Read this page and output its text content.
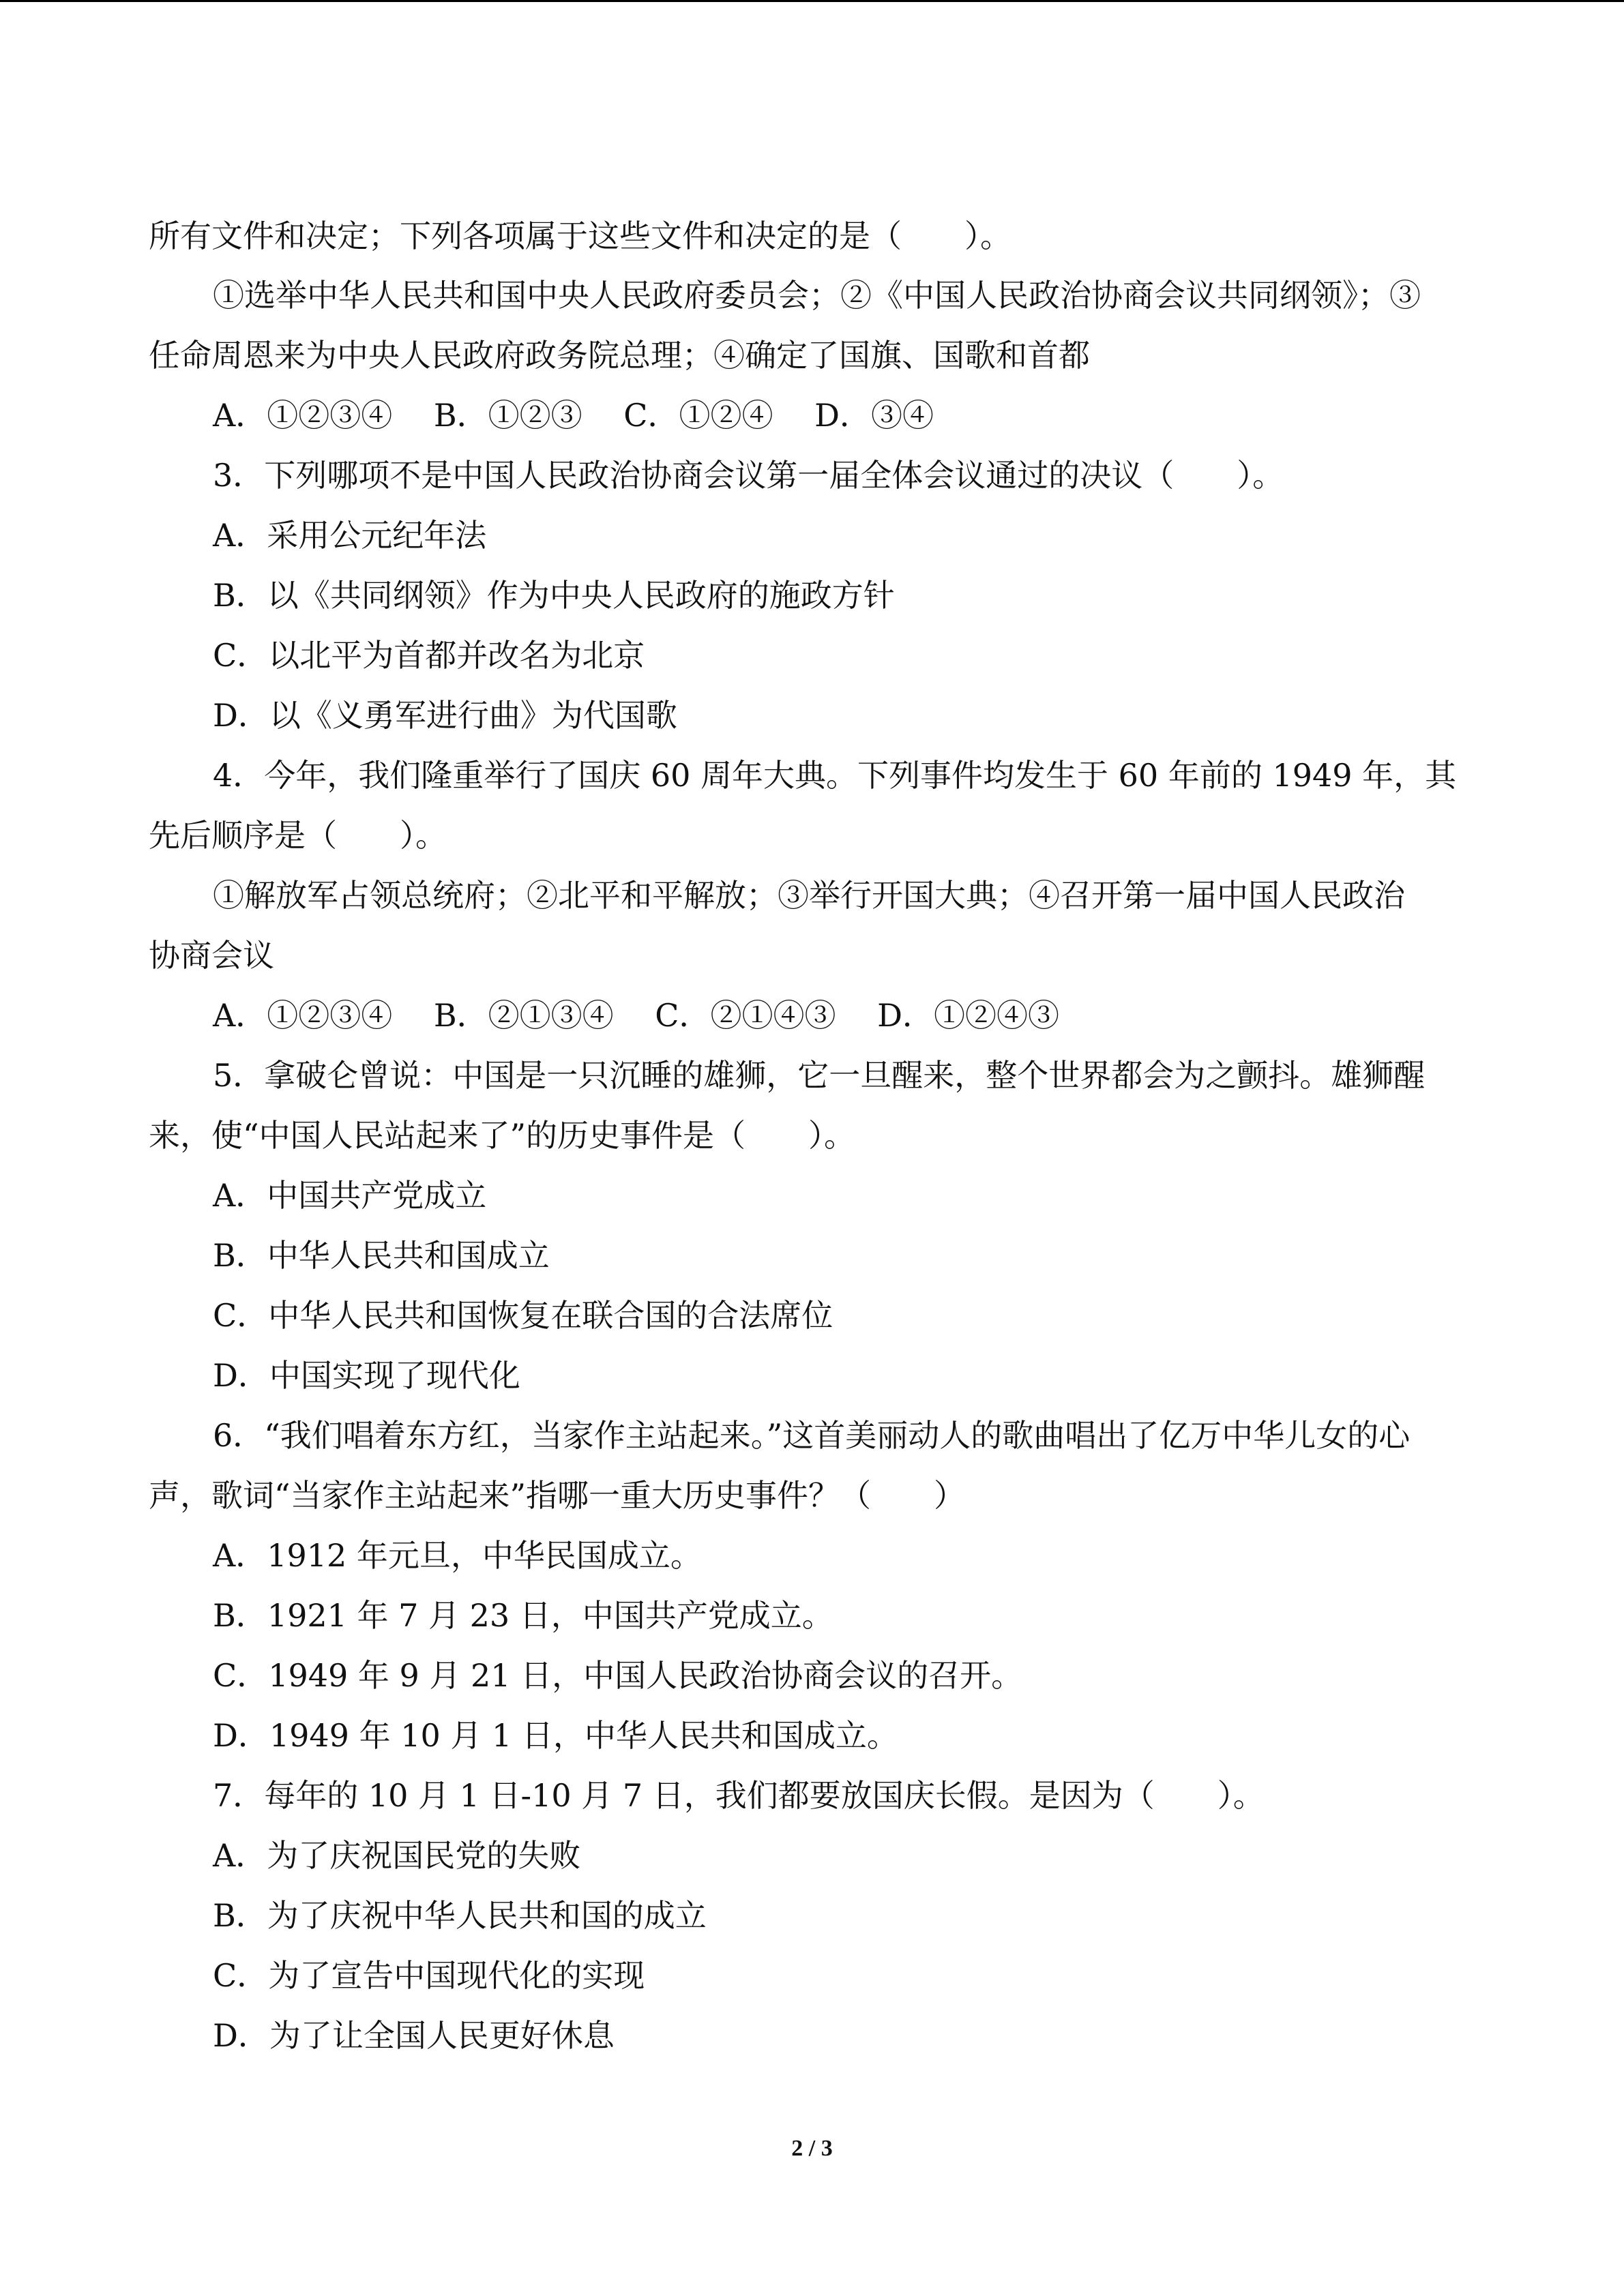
所有文件和决定；下列各项属于这些文件和决定的是（　　）。
①选举中华人民共和国中央人民政府委员会；②《中国人民政治协商会议共同纲领》；③
任命周恩来为中央人民政府政务院总理；④确定了国旗、国歌和首都
A．①②③④　 B．①②③　 C．①②④　 D．③④
3．下列哪项不是中国人民政治协商会议第一届全体会议通过的决议（　　）。
A．采用公元纪年法
B．以《共同纲领》作为中央人民政府的施政方针
C．以北平为首都并改名为北京
D．以《义勇军进行曲》为代国歌
4．今年，我们隆重举行了国庆 60 周年大典。下列事件均发生于 60 年前的 1949 年，其
先后顺序是（　　）。
①解放军占领总统府；②北平和平解放；③举行开国大典；④召开第一届中国人民政治
协商会议
A．①②③④　 B．②①③④　 C．②①④③　 D．①②④③
5．拿破仑曾说：中国是一只沉睡的雄狮，它一旦醒来，整个世界都会为之颤抖。雄狮醒
来，使“中国人民站起来了”的历史事件是（　　）。
A．中国共产党成立
B．中华人民共和国成立
C．中华人民共和国恢复在联合国的合法席位
D．中国实现了现代化
6．“我们唱着东方红，当家作主站起来。”这首美丽动人的歌曲唱出了亿万中华儿女的心
声，歌词“当家作主站起来”指哪一重大历史事件？（　　）
A．1912 年元旦，中华民国成立。
B．1921 年 7 月 23 日，中国共产党成立。
C．1949 年 9 月 21 日，中国人民政治协商会议的召开。
D．1949 年 10 月 1 日，中华人民共和国成立。
7．每年的 10 月 1 日-10 月 7 日，我们都要放国庆长假。是因为（　　）。
A．为了庆祝国民党的失败
B．为了庆祝中华人民共和国的成立
C．为了宣告中国现代化的实现
D．为了让全国人民更好休息
2 / 3
